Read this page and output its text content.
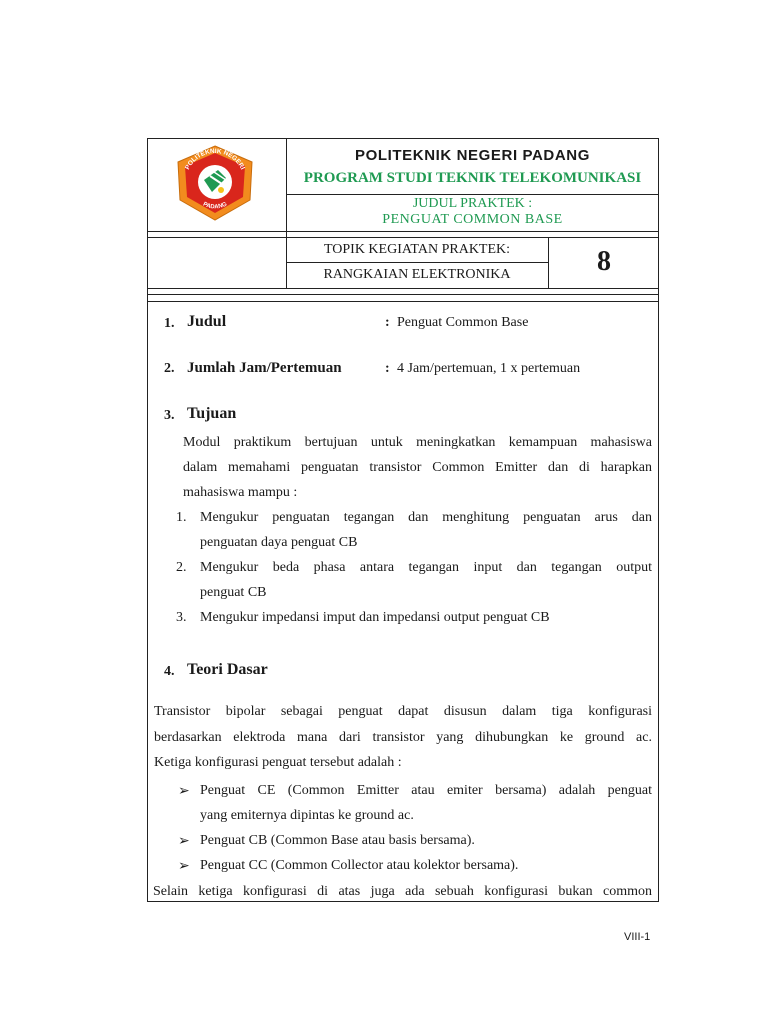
POLITEKNIK NEGERI
PADANG
POLITEKNIK NEGERI PADANG
PROGRAM STUDI TEKNIK TELEKOMUNIKASI
JUDUL PRAKTEK :
PENGUAT COMMON BASE
TOPIK KEGIATAN PRAKTEK:
RANGKAIAN ELEKTRONIKA	8
1. Judul	: Penguat Common Base
2. Jumlah Jam/Pertemuan	: 4 Jam/pertemuan, 1 x pertemuan
3. Tujuan
Modul praktikum bertujuan untuk meningkatkan kemampuan mahasiswa
dalam memahami penguatan transistor Common Emitter dan di harapkan
mahasiswa mampu :
1. Mengukur penguatan tegangan dan menghitung penguatan arus dan
penguatan daya penguat CB
2. Mengukur beda phasa antara tegangan input dan tegangan output
penguat CB
3. Mengukur impedansi imput dan impedansi output penguat CB
4. Teori Dasar
Transistor bipolar sebagai penguat dapat disusun dalam tiga konfigurasi
berdasarkan elektroda mana dari transistor yang dihubungkan ke ground ac.
Ketiga konfigurasi penguat tersebut adalah :
➢ Penguat CE (Common Emitter atau emiter bersama) adalah penguat
yang emiternya dipintas ke ground ac.
➢ Penguat CB (Common Base atau basis bersama).
➢ Penguat CC (Common Collector atau kolektor bersama).
Selain ketiga konfigurasi di atas juga ada sebuah konfigurasi bukan common
VIII-1
